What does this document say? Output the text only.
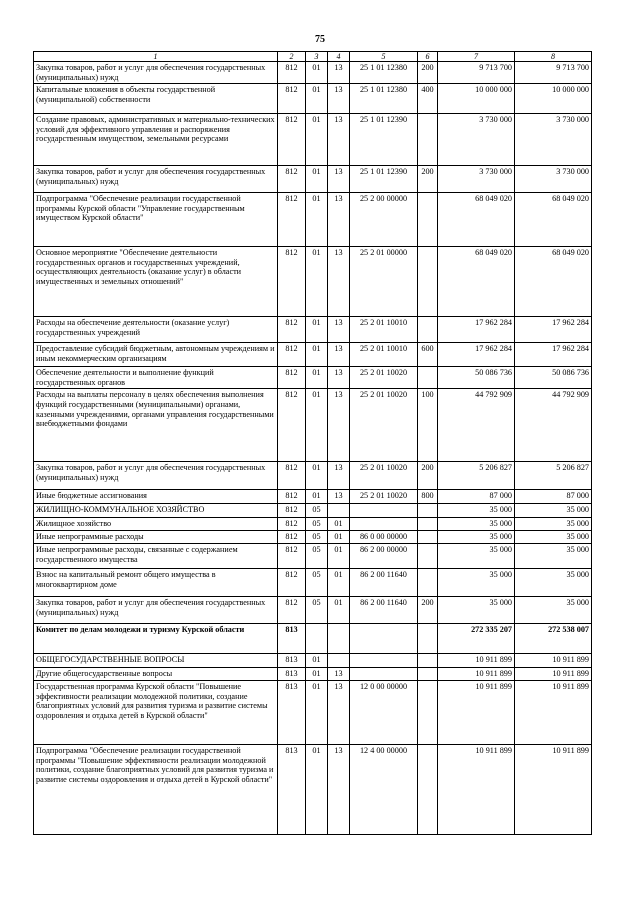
75
1	2	3	4	5	6	7	8
Закупка товаров, работ и услуг для обеспечения государственных (муниципальных) нужд	812	01	13	25 1 01 12380	200	9 713 700	9 713 700
Капитальные вложения в объекты государственной (муниципальной) собственности	812	01	13	25 1 01 12380	400	10 000 000	10 000 000
Создание правовых, административных и материально-технических условий для эффективного управления и распоряжения государственным имуществом, земельными ресурсами	812	01	13	25 1 01 12390		3 730 000	3 730 000
Закупка товаров, работ и услуг для обеспечения государственных (муниципальных) нужд	812	01	13	25 1 01 12390	200	3 730 000	3 730 000
Подпрограмма "Обеспечение реализации государственной программы Курской области "Управление государственным имуществом Курской области"	812	01	13	25 2 00 00000		68 049 020	68 049 020
Основное мероприятие "Обеспечение деятельности государственных органов и государственных учреждений, осуществляющих деятельность (оказание услуг) в области имущественных и земельных отношений"	812	01	13	25 2 01 00000		68 049 020	68 049 020
Расходы на обеспечение деятельности (оказание услуг) государственных учреждений	812	01	13	25 2 01 10010		17 962 284	17 962 284
Предоставление субсидий бюджетным, автономным учреждениям и иным некоммерческим организациям	812	01	13	25 2 01 10010	600	17 962 284	17 962 284
Обеспечение деятельности и выполнение функций государственных органов	812	01	13	25 2 01 10020		50 086 736	50 086 736
Расходы на выплаты персоналу в целях обеспечения выполнения функций государственными (муниципальными) органами, казенными учреждениями, органами управления государственными внебюджетными фондами	812	01	13	25 2 01 10020	100	44 792 909	44 792 909
Закупка товаров, работ и услуг для обеспечения государственных (муниципальных) нужд	812	01	13	25 2 01 10020	200	5 206 827	5 206 827
Иные бюджетные ассигнования	812	01	13	25 2 01 10020	800	87 000	87 000
ЖИЛИЩНО-КОММУНАЛЬНОЕ ХОЗЯЙСТВО	812	05				35 000	35 000
Жилищное хозяйство	812	05	01			35 000	35 000
Иные непрограммные расходы	812	05	01	86 0 00 00000		35 000	35 000
Иные непрограммные расходы, связанные с содержанием государственного имущества	812	05	01	86 2 00 00000		35 000	35 000
Взнос на капитальный ремонт общего имущества в многоквартирном доме	812	05	01	86 2 00 11640		35 000	35 000
Закупка товаров, работ и услуг для обеспечения государственных (муниципальных) нужд	812	05	01	86 2 00 11640	200	35 000	35 000
Комитет по делам молодежи и туризму Курской области	813					272 335 207	272 538 007
ОБЩЕГОСУДАРСТВЕННЫЕ ВОПРОСЫ	813	01				10 911 899	10 911 899
Другие общегосударственные вопросы	813	01	13			10 911 899	10 911 899
Государственная программа Курской области "Повышение эффективности реализации молодежной политики, создание благоприятных условий для развития туризма и развитие системы оздоровления и отдыха детей в Курской области"	813	01	13	12 0 00 00000		10 911 899	10 911 899
Подпрограмма "Обеспечение реализации государственной программы "Повышение эффективности реализации молодежной политики, создание благоприятных условий для развития туризма и развитие системы оздоровления и отдыха детей в Курской области"	813	01	13	12 4 00 00000		10 911 899	10 911 899
